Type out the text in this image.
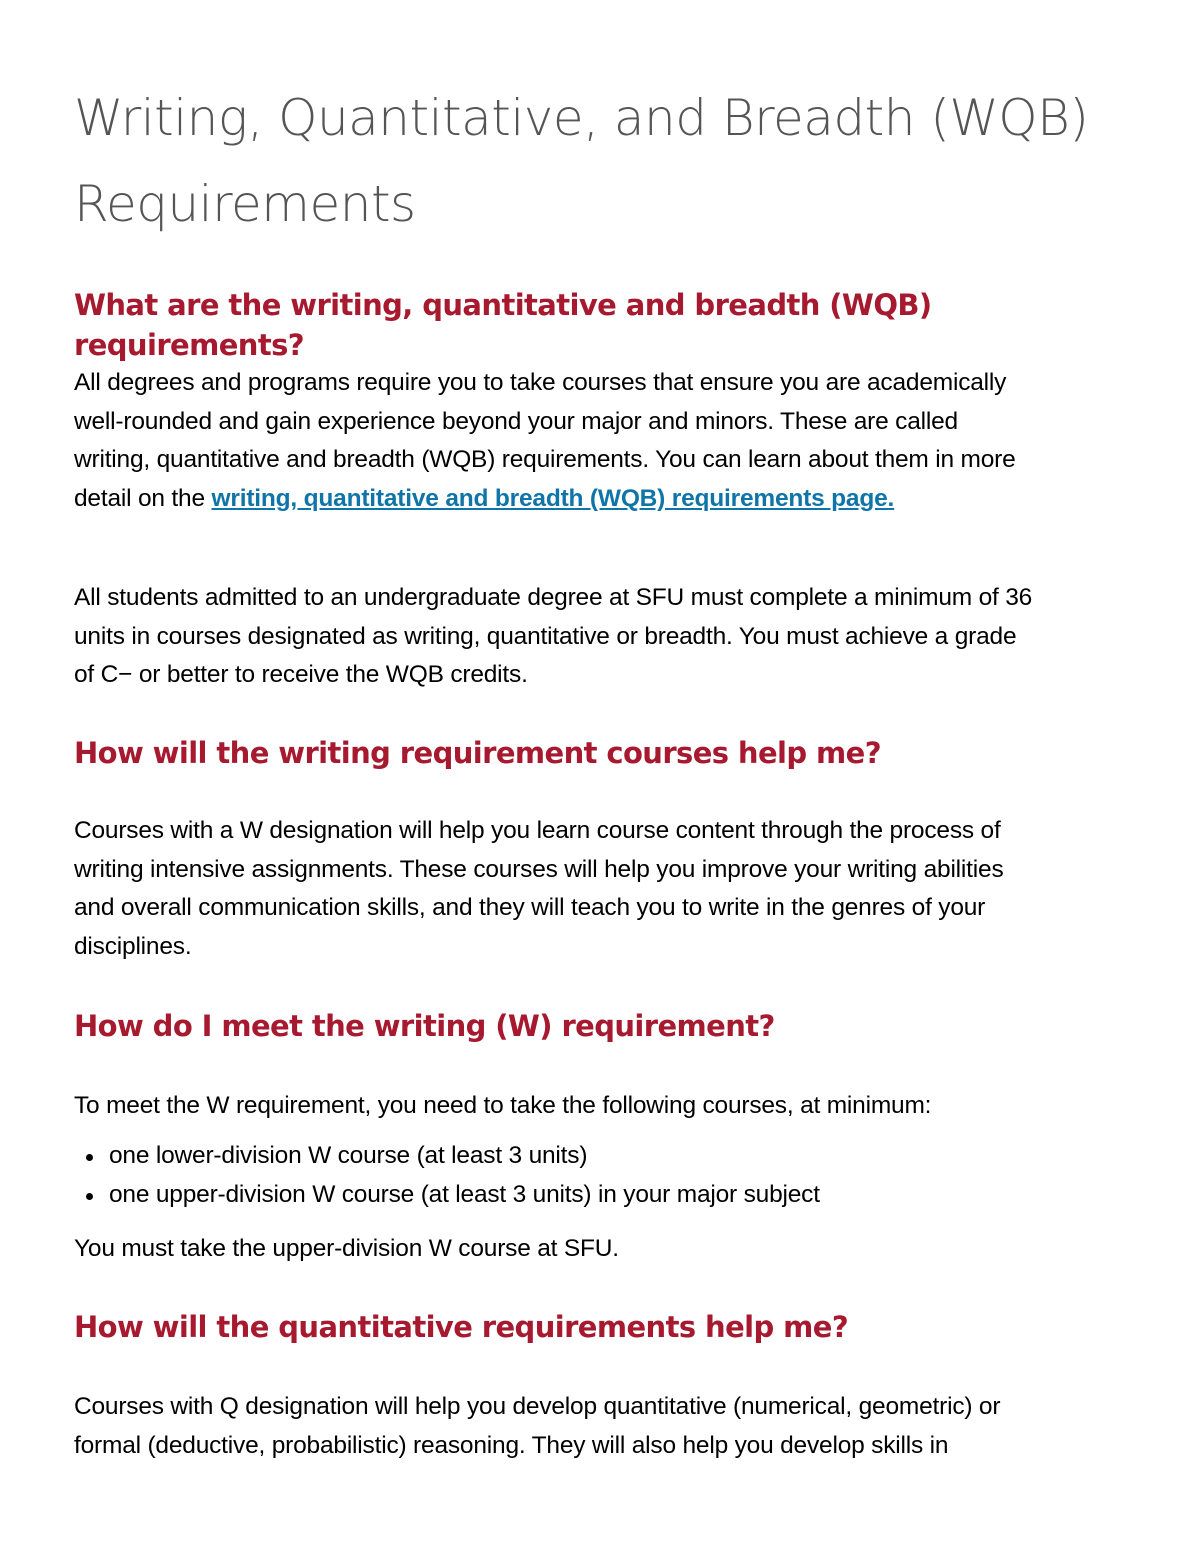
Writing, Quantitative, and Breadth (WQB)
Requirements
What are the writing, quantitative and breadth (WQB) requirements?
All degrees and programs require you to take courses that ensure you are academically
well-rounded and gain experience beyond your major and minors. These are called
writing, quantitative and breadth (WQB) requirements. You can learn about them in more
detail on the writing, quantitative and breadth (WQB) requirements page.
All students admitted to an undergraduate degree at SFU must complete a minimum of 36
units in courses designated as writing, quantitative or breadth. You must achieve a grade
of C− or better to receive the WQB credits.
How will the writing requirement courses help me?
Courses with a W designation will help you learn course content through the process of
writing intensive assignments. These courses will help you improve your writing abilities
and overall communication skills, and they will teach you to write in the genres of your
disciplines.
How do I meet the writing (W) requirement?
To meet the W requirement, you need to take the following courses, at minimum:
one lower-division W course (at least 3 units)
one upper-division W course (at least 3 units) in your major subject
You must take the upper-division W course at SFU.
How will the quantitative requirements help me?
Courses with Q designation will help you develop quantitative (numerical, geometric) or
formal (deductive, probabilistic) reasoning. They will also help you develop skills in
